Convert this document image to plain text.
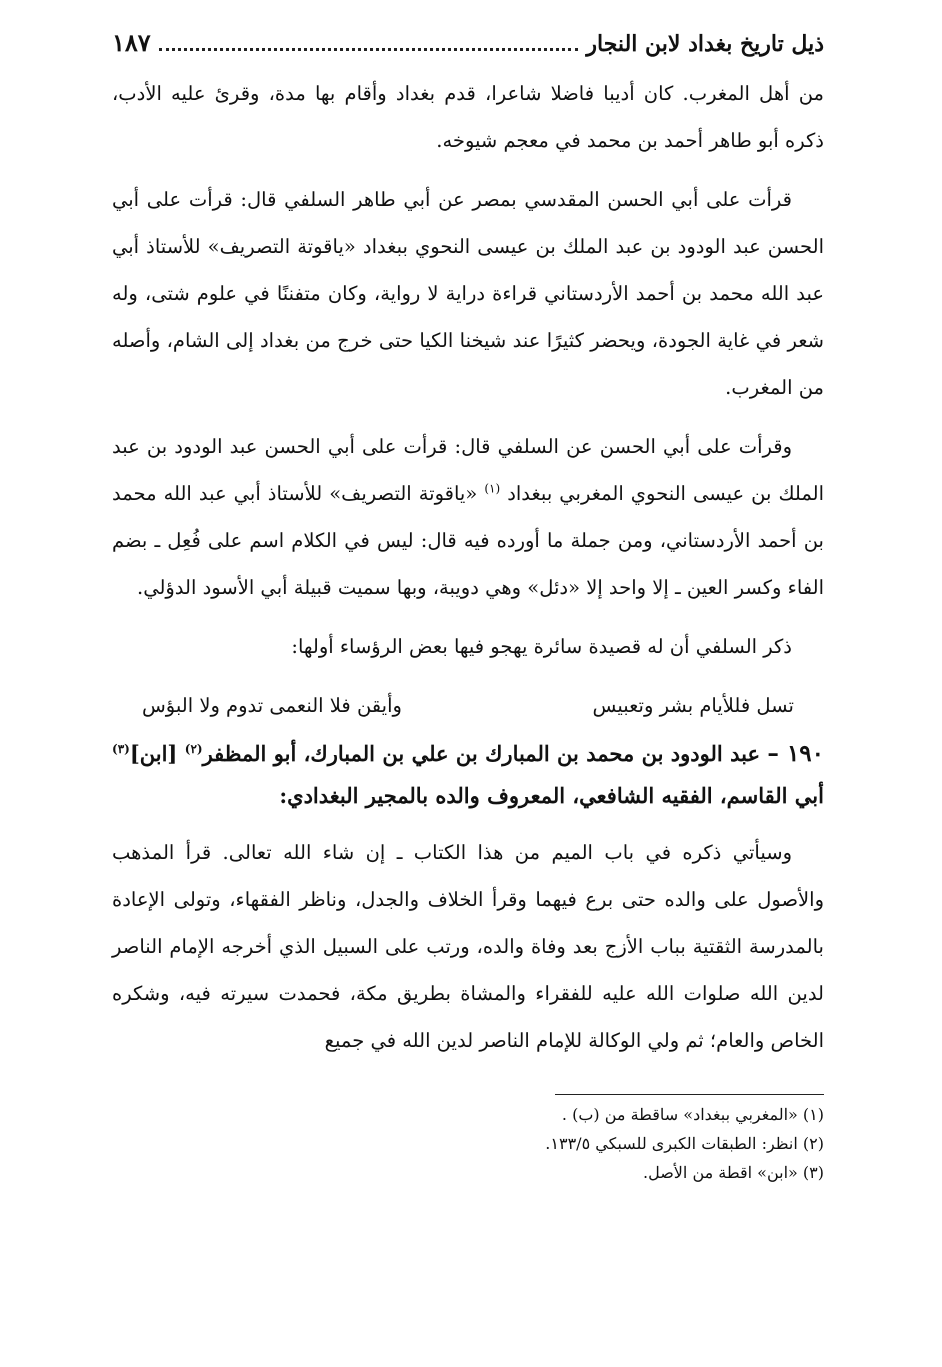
ذيل تاريخ بغداد لابن النجار
١٨٧

من أهل المغرب. كان أديبا فاضلا شاعرا، قدم بغداد وأقام بها مدة، وقرئ عليه الأدب، ذكره أبو طاهر أحمد بن محمد في معجم شيوخه.

قرأت على أبي الحسن المقدسي بمصر عن أبي طاهر السلفي قال: قرأت على أبي الحسن عبد الودود بن عبد الملك بن عيسى النحوي ببغداد «ياقوتة التصريف» للأستاذ أبي عبد الله محمد بن أحمد الأردستاني قراءة دراية لا رواية، وكان متفننًا في علوم شتى، وله شعر في غاية الجودة، ويحضر كثيرًا عند شيخنا الكيا حتى خرج من بغداد إلى الشام، وأصله من المغرب.

وقرأت على أبي الحسن عن السلفي قال: قرأت على أبي الحسن عبد الودود بن عبد الملك بن عيسى النحوي المغربي ببغداد $^{(١)}$ «ياقوتة التصريف» للأستاذ أبي عبد الله محمد بن أحمد الأردستاني، ومن جملة ما أورده فيه قال: ليس في الكلام اسم على فُعِل ـ بضم الفاء وكسر العين ـ إلا واحد إلا «دئل» وهي دويبة، وبها سميت قبيلة أبي الأسود الدؤلي.

ذكر السلفي أن له قصيدة سائرة يهجو فيها بعض الرؤساء أولها:

تسل فللأيام بشر وتعبيس
وأيقن فلا النعمى تدوم ولا البؤس

١٩٠ – عبد الودود بن محمد بن المبارك بن علي بن المبارك، أبو المظفر$^{(٢)}$ [ابن]$^{(٣)}$ أبي القاسم، الفقيه الشافعي، المعروف والده بالمجير البغدادي:

وسيأتي ذكره في باب الميم من هذا الكتاب ـ إن شاء الله تعالى. قرأ المذهب والأصول على والده حتى برع فيهما وقرأ الخلاف والجدل، وناظر الفقهاء، وتولى الإعادة بالمدرسة الثقتية بباب الأزج بعد وفاة والده، ورتب على السبيل الذي أخرجه الإمام الناصر لدين الله صلوات الله عليه للفقراء والمشاة بطريق مكة، فحمدت سيرته فيه، وشكره الخاص والعام؛ ثم ولي الوكالة للإمام الناصر لدين الله في جميع

(١) «المغربي ببغداد» ساقطة من (ب) .

(٢) انظر: الطبقات الكبرى للسبكي ١٣٣/٥.

(٣) «ابن» اقطة من الأصل.
